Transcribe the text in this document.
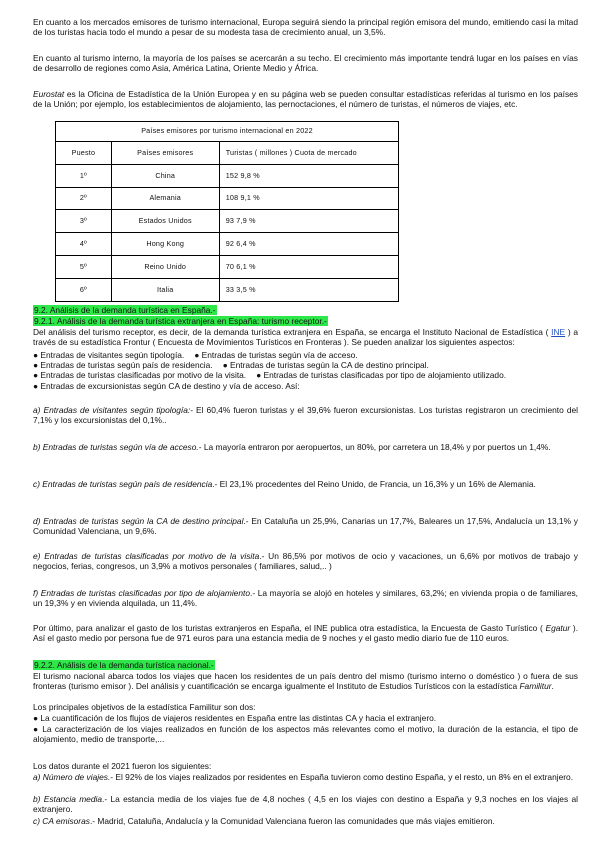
En cuanto a los mercados emisores de turismo internacional, Europa seguirá siendo la principal región emisora del mundo, emitiendo casi la mitad de los turistas hacia todo el mundo a pesar de su modesta tasa de crecimiento anual, un 3,5%.

En cuanto al turismo interno, la mayoría de los países se acercarán a su techo. El crecimiento más importante tendrá lugar en los países en vías de desarrollo de regiones como Asia, América Latina, Oriente Medio y África.

Eurostat es la Oficina de Estadística de la Unión Europea y en su página web se pueden consultar estadísticas referidas al turismo en los países de la Unión; por ejemplo, los establecimientos de alojamiento, las pernoctaciones, el número de turistas, el números de viajes, etc.

Países emisores por turismo internacional en 2022		
Puesto	Países emisores	Turistas ( millones ) Cuota de mercado
1º	China	152 9,8 %
2º	Alemania	108 9,1 %
3º	Estados Unidos	93 7,9 %
4º	Hong Kong	92 6,4 %
5º	Reino Unido	70 6,1 %
6º	Italia	33 3,5 %

9.2. Análisis de la demanda turística en España.-

9.2.1. Análisis de la demanda turística extranjera en España: turismo receptor.-

Del análisis del turismo receptor, es decir, de la demanda turística extranjera en España, se encarga el Instituto Nacional de Estadística ( INE ) a través de su estadística Frontur ( Encuesta de Movimientos Turísticos en Fronteras ). Se pueden analizar los siguientes aspectos:

● Entradas de visitantes según tipología. ● Entradas de turistas según vía de acceso.

● Entradas de turistas según país de residencia. ● Entradas de turistas según la CA de destino principal.

● Entradas de turistas clasificadas por motivo de la visita. ● Entradas de turistas clasificadas por tipo de alojamiento utilizado.

● Entradas de excursionistas según CA de destino y vía de acceso. Así:

a) Entradas de visitantes según tipología:- El 60,4% fueron turistas y el 39,6% fueron excursionistas. Los turistas registraron un crecimiento del 7,1% y los excursionistas del 0,1%..

b) Entradas de turistas según vía de acceso.- La mayoría entraron por aeropuertos, un 80%, por carretera un 18,4% y por puertos un 1,4%.

c) Entradas de turistas según país de residencia.- El 23,1% procedentes del Reino Unido, de Francia, un 16,3% y un 16% de Alemania.

d) Entradas de turistas según la CA de destino principal.- En Cataluña un 25,9%, Canarias un 17,7%, Baleares un 17,5%, Andalucía un 13,1% y Comunidad Valenciana, un 9,6%.

e) Entradas de turistas clasificadas por motivo de la visita.- Un 86,5% por motivos de ocio y vacaciones, un 6,6% por motivos de trabajo y negocios, ferias, congresos, un 3,9% a motivos personales ( familiares, salud,.. )

f) Entradas de turistas clasificadas por tipo de alojamiento.- La mayoría se alojó en hoteles y similares, 63,2%; en vivienda propia o de familiares, un 19,3% y en vivienda alquilada, un 11,4%.

Por último, para analizar el gasto de los turistas extranjeros en España, el INE publica otra estadística, la Encuesta de Gasto Turístico ( Egatur ). Así el gasto medio por persona fue de 971 euros para una estancia media de 9 noches y el gasto medio diario fue de 110 euros.

9.2.2. Análisis de la demanda turística nacional.-

El turismo nacional abarca todos los viajes que hacen los residentes de un país dentro del mismo (turismo interno o doméstico ) o fuera de sus fronteras (turismo emisor ). Del análisis y cuantificación se encarga igualmente el Instituto de Estudios Turísticos con la estadística Familitur.

Los principales objetivos de la estadística Familitur son dos:

● La cuantificación de los flujos de viajeros residentes en España entre las distintas CA y hacia el extranjero.

● La caracterización de los viajes realizados en función de los aspectos más relevantes como el motivo, la duración de la estancia, el tipo de alojamiento, medio de transporte,...

Los datos durante el 2021 fueron los siguientes:

a) Número de viajes.- El 92% de los viajes realizados por residentes en España tuvieron como destino España, y el resto, un 8% en el extranjero.

b) Estancia media.- La estancia media de los viajes fue de 4,8 noches ( 4,5 en los viajes con destino a España y 9,3 noches en los viajes al extranjero.

c) CA emisoras.- Madrid, Cataluña, Andalucía y la Comunidad Valenciana fueron las comunidades que más viajes emitieron.
